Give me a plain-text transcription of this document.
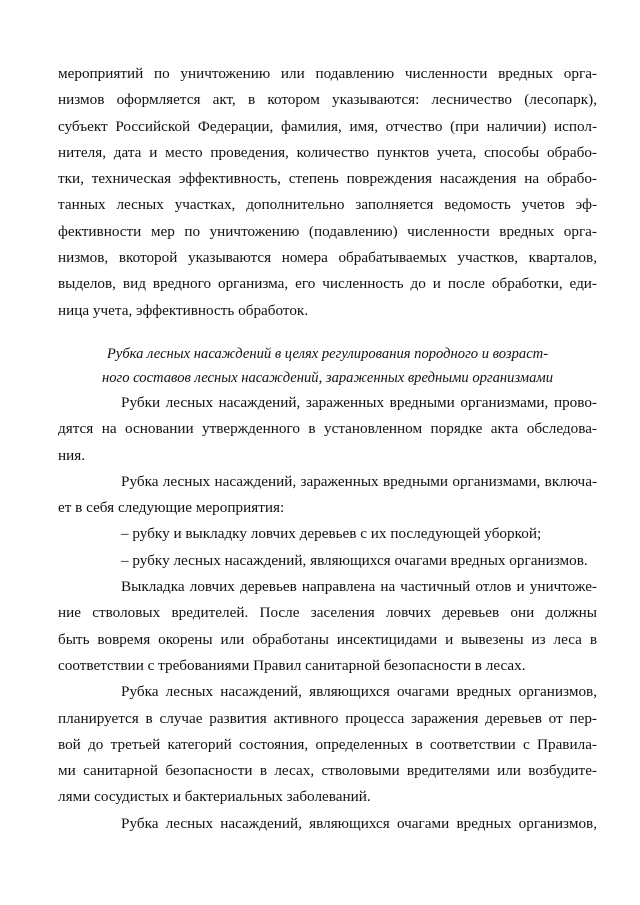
мероприятий по уничтожению или подавлению численности вредных орга-
низмов оформляется акт, в котором указываются: лесничество (лесопарк),
субъект Российской Федерации, фамилия, имя, отчество (при наличии) испол-
нителя, дата и место проведения, количество пунктов учета, способы обрабо-
тки, техническая эффективность, степень повреждения насаждения на обрабо-
танных лесных участках, дополнительно заполняется ведомость учетов эф-
фективности мер по уничтожению (подавлению) численности вредных орга-
низмов, вкоторой указываются номера обрабатываемых участков, кварталов,
выделов, вид вредного организма, его численность до и после обработки, еди-
ница учета, эффективность обработок.
Рубка лесных насаждений в целях регулирования породного и возраст-
ного составов лесных насаждений, зараженных вредными организмами
Рубки лесных насаждений, зараженных вредными организмами, прово-
дятся на основании утвержденного в установленном порядке акта обследова-
ния.
Рубка лесных насаждений, зараженных вредными организмами, включа-
ет в себя следующие мероприятия:
– рубку и выкладку ловчих деревьев с их последующей уборкой;
– рубку лесных насаждений, являющихся очагами вредных организмов.
Выкладка ловчих деревьев направлена на частичный отлов и уничтоже-
ние стволовых вредителей. После заселения ловчих деревьев они должны
быть вовремя окорены или обработаны инсектицидами и вывезены из леса в
соответствии с требованиями Правил санитарной безопасности в лесах.
Рубка лесных насаждений, являющихся очагами вредных организмов,
планируется в случае развития активного процесса заражения деревьев от пер-
вой до третьей категорий состояния, определенных в соответствии с Правила-
ми санитарной безопасности в лесах, стволовыми вредителями или возбудите-
лями сосудистых и бактериальных заболеваний.
Рубка лесных насаждений, являющихся очагами вредных организмов,
